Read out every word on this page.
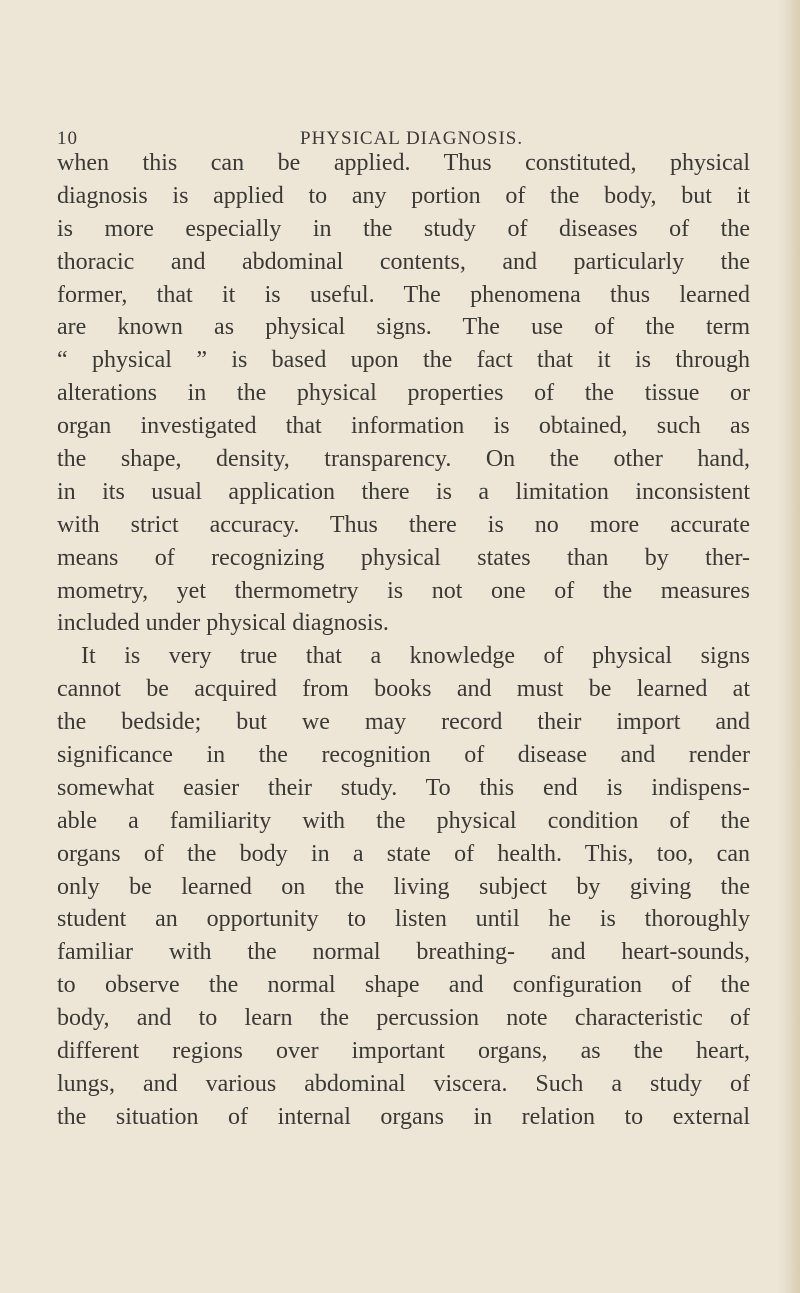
10	PHYSICAL DIAGNOSIS.
when this can be applied. Thus constituted, physical
diagnosis is applied to any portion of the body, but it
is more especially in the study of diseases of the
thoracic and abdominal contents, and particularly the
former, that it is useful. The phenomena thus learned
are known as physical signs. The use of the term
“ physical ” is based upon the fact that it is through
alterations in the physical properties of the tissue or
organ investigated that information is obtained, such as
the shape, density, transparency. On the other hand,
in its usual application there is a limitation inconsistent
with strict accuracy. Thus there is no more accurate
means of recognizing physical states than by ther-
mometry, yet thermometry is not one of the measures
included under physical diagnosis.
It is very true that a knowledge of physical signs
cannot be acquired from books and must be learned at
the bedside; but we may record their import and
significance in the recognition of disease and render
somewhat easier their study. To this end is indispens-
able a familiarity with the physical condition of the
organs of the body in a state of health. This, too, can
only be learned on the living subject by giving the
student an opportunity to listen until he is thoroughly
familiar with the normal breathing- and heart-sounds,
to observe the normal shape and configuration of the
body, and to learn the percussion note characteristic of
different regions over important organs, as the heart,
lungs, and various abdominal viscera. Such a study of
the situation of internal organs in relation to external
